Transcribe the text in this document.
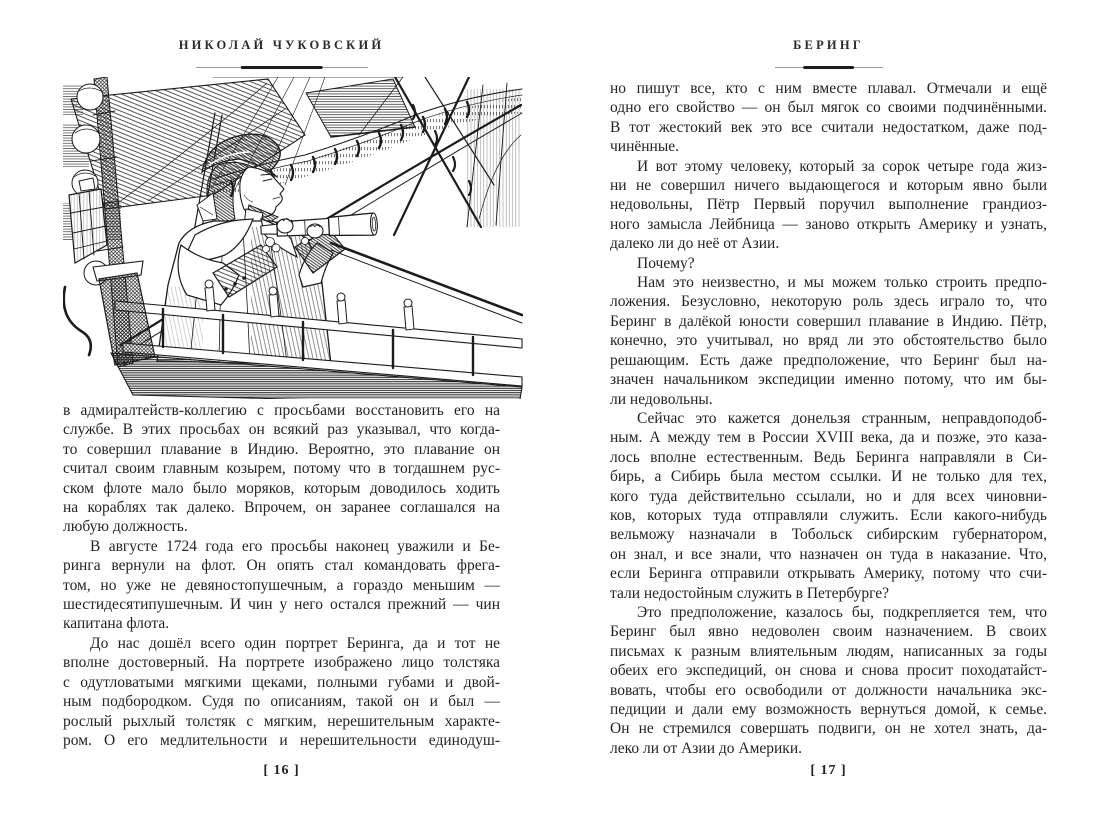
НИКОЛАЙ ЧУКОВСКИЙ
в адмиралтейств-коллегию с просьбами восстановить его на
службе. В этих просьбах он всякий раз указывал, что когда-
то совершил плавание в Индию. Вероятно, это плавание он
считал своим главным козырем, потому что в тогдашнем рус-
ском флоте мало было моряков, которым доводилось ходить
на кораблях так далеко. Впрочем, он заранее соглашался на
любую должность.
В августе 1724 года его просьбы наконец уважили и Бе-
ринга вернули на флот. Он опять стал командовать фрега-
том, но уже не девяностопушечным, а гораздо меньшим —
шестидесятипушечным. И чин у него остался прежний — чин
капитана флота.
До нас дошёл всего один портрет Беринга, да и тот не
вполне достоверный. На портрете изображено лицо толстяка
с одутловатыми мягкими щеками, полными губами и двой-
ным подбородком. Судя по описаниям, такой он и был —
рослый рыхлый толстяк с мягким, нерешительным характе-
ром. О его медлительности и нерешительности единодуш-
[ 16 ]
БЕРИНГ
но пишут все, кто с ним вместе плавал. Отмечали и ещё
одно его свойство — он был мягок со своими подчинёнными.
В тот жестокий век это все считали недостатком, даже под-
чинённые.
И вот этому человеку, который за сорок четыре года жиз-
ни не совершил ничего выдающегося и которым явно были
недовольны, Пётр Первый поручил выполнение грандиоз-
ного замысла Лейбница — заново открыть Америку и узнать,
далеко ли до неё от Азии.
Почему?
Нам это неизвестно, и мы можем только строить предпо-
ложения. Безусловно, некоторую роль здесь играло то, что
Беринг в далёкой юности совершил плавание в Индию. Пётр,
конечно, это учитывал, но вряд ли это обстоятельство было
решающим. Есть даже предположение, что Беринг был на-
значен начальником экспедиции именно потому, что им бы-
ли недовольны.
Сейчас это кажется донельзя странным, неправдоподоб-
ным. А между тем в России XVIII века, да и позже, это каза-
лось вполне естественным. Ведь Беринга направляли в Си-
бирь, а Сибирь была местом ссылки. И не только для тех,
кого туда действительно ссылали, но и для всех чиновни-
ков, которых туда отправляли служить. Если какого-нибудь
вельможу назначали в Тобольск сибирским губернатором,
он знал, и все знали, что назначен он туда в наказание. Что,
если Беринга отправили открывать Америку, потому что счи-
тали недостойным служить в Петербурге?
Это предположение, казалось бы, подкрепляется тем, что
Беринг был явно недоволен своим назначением. В своих
письмах к разным влиятельным людям, написанных за годы
обеих его экспедиций, он снова и снова просит походатайст-
вовать, чтобы его освободили от должности начальника экс-
педиции и дали ему возможность вернуться домой, к семье.
Он не стремился совершать подвиги, он не хотел знать, да-
леко ли от Азии до Америки.
[ 17 ]
